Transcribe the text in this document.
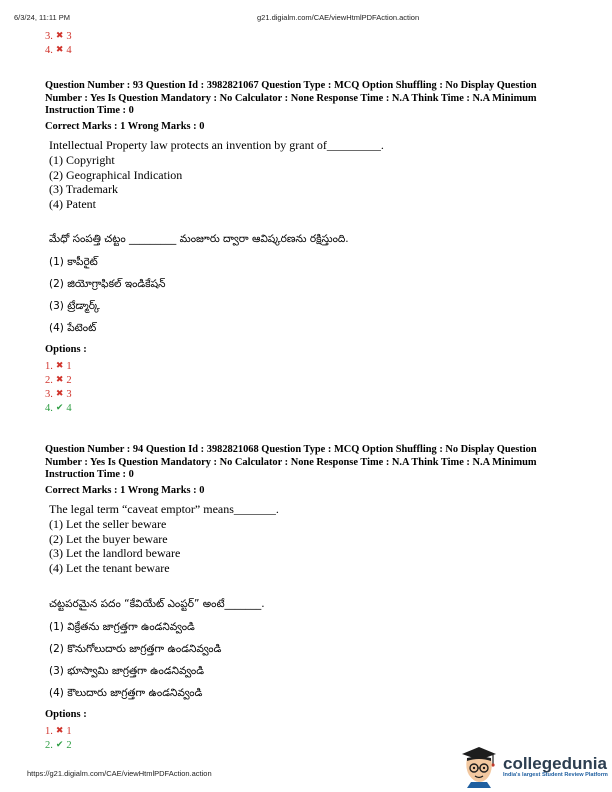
6/3/24, 11:11 PM	g21.digialm.com/CAE/viewHtmlPDFAction.action
3. ✖ 3
4. ✖ 4
Question Number : 93 Question Id : 3982821067 Question Type : MCQ Option Shuffling : No Display Question Number : Yes Is Question Mandatory : No Calculator : None Response Time : N.A Think Time : N.A Minimum Instruction Time : 0
Correct Marks : 1 Wrong Marks : 0
Intellectual Property law protects an invention by grant of_________.
(1) Copyright
(2) Geographical Indication
(3) Trademark
(4) Patent
మేధో సంపత్తి చట్టం _________ మంజూరు ద్వారా ఆవిష్కరణను రక్షిస్తుంది.
(1) కాపీరైట్
(2) జియోగ్రాఫికల్ ఇండికేషన్
(3) ట్రేడ్మార్క్
(4) పేటెంట్
Options :
1. ✖ 1
2. ✖ 2
3. ✖ 3
4. ✔ 4
Question Number : 94 Question Id : 3982821068 Question Type : MCQ Option Shuffling : No Display Question Number : Yes Is Question Mandatory : No Calculator : None Response Time : N.A Think Time : N.A Minimum Instruction Time : 0
Correct Marks : 1 Wrong Marks : 0
The legal term “caveat emptor” means_______.
(1) Let the seller beware
(2) Let the buyer beware
(3) Let the landlord beware
(4) Let the tenant beware
చట్టపరమైన పదం “కేవియేట్ ఎంప్టర్” అంటే_______.
(1) విక్రేతను జాగ్రత్తగా ఉండనివ్వండి
(2) కొనుగోలుదారు జాగ్రత్తగా ఉండనివ్వండి
(3) భూస్వామి జాగ్రత్తగా ఉండనివ్వండి
(4) కౌలుదారు జాగ్రత్తగా ఉండనివ్వండి
Options :
1. ✖ 1
2. ✔ 2
https://g21.digialm.com/CAE/viewHtmlPDFAction.action
collegedunia
India's largest Student Review Platform
